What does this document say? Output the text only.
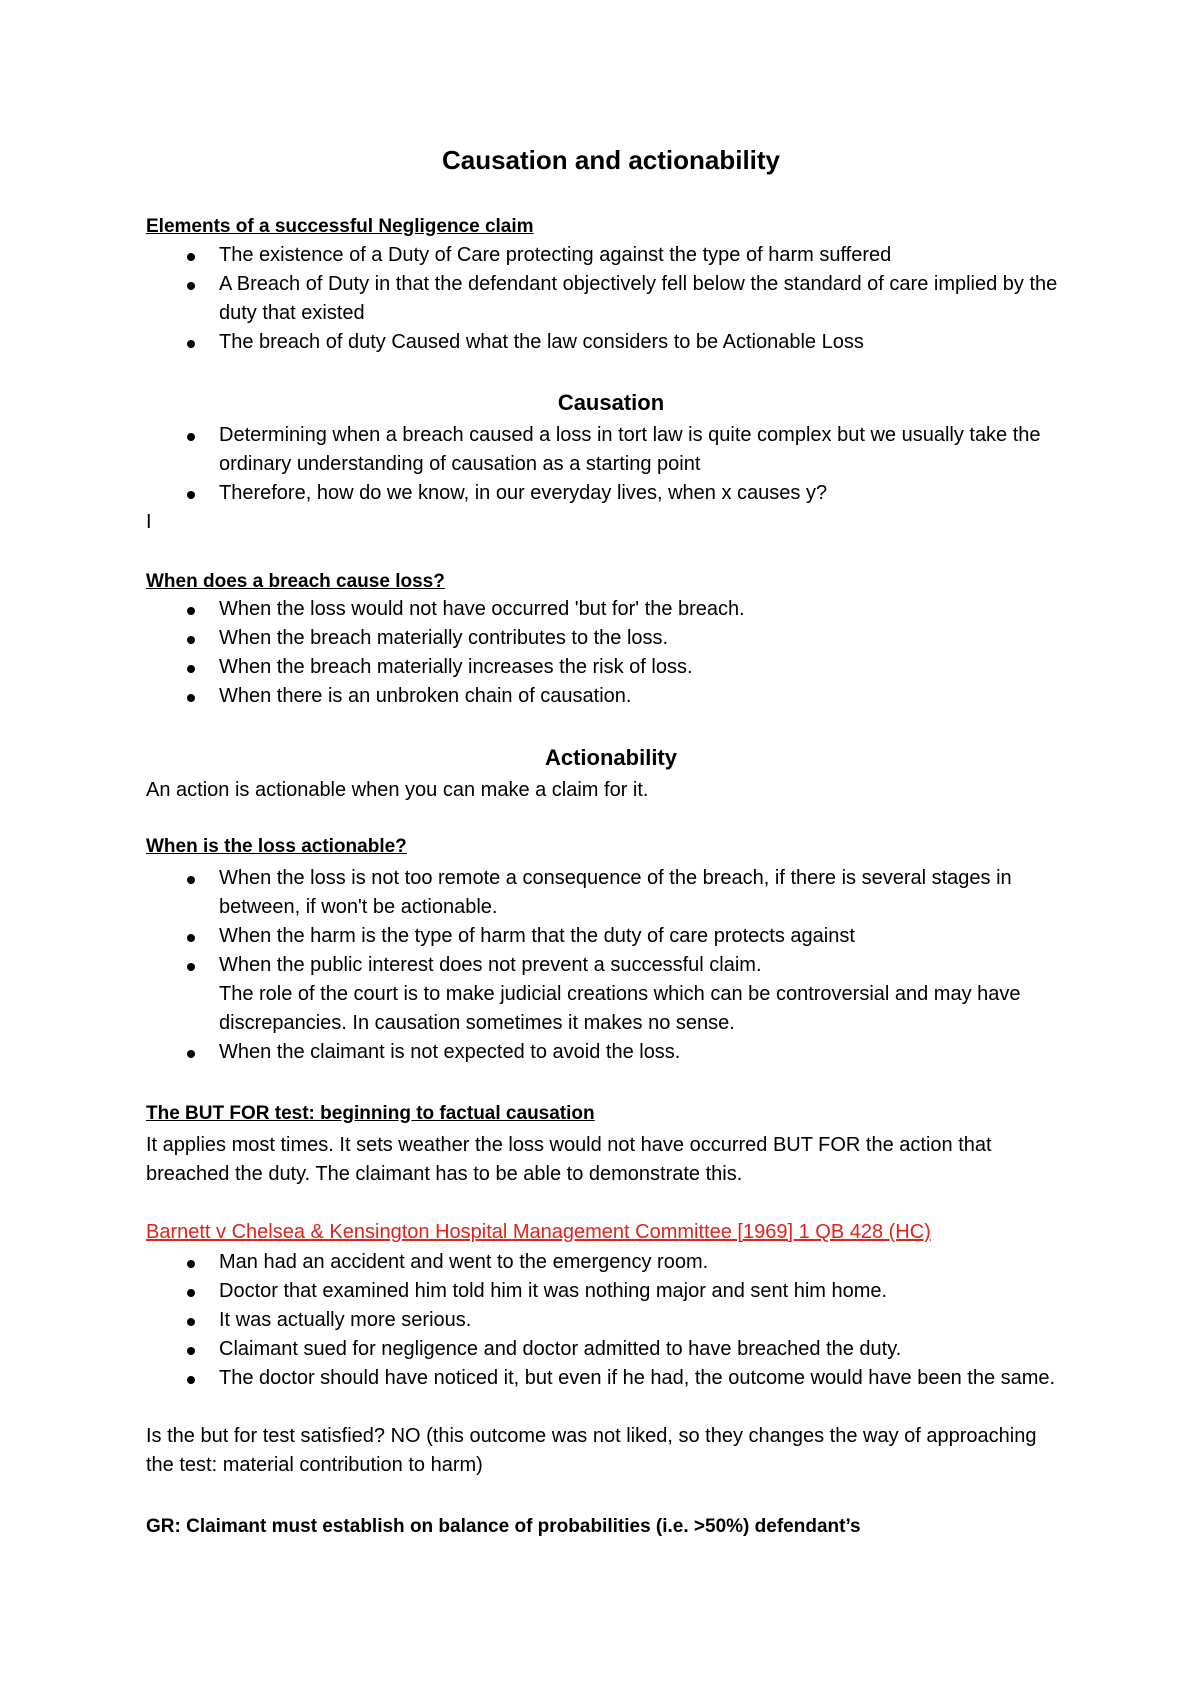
Causation and actionability
Elements of a successful Negligence claim
The existence of a Duty of Care protecting against the type of harm suffered
A Breach of Duty in that the defendant objectively fell below the standard of care implied by the duty that existed
The breach of duty Caused what the law considers to be Actionable Loss
Causation
Determining when a breach caused a loss in tort law is quite complex but we usually take the ordinary understanding of causation as a starting point
Therefore, how do we know, in our everyday lives, when x causes y?
I
When does a breach cause loss?
When the loss would not have occurred 'but for' the breach.
When the breach materially contributes to the loss.
When the breach materially increases the risk of loss.
When there is an unbroken chain of causation.
Actionability
An action is actionable when you can make a claim for it.
When is the loss actionable?
When the loss is not too remote a consequence of the breach, if there is several stages in between, if won't be actionable.
When the harm is the type of harm that the duty of care protects against
When the public interest does not prevent a successful claim.
The role of the court is to make judicial creations which can be controversial and may have discrepancies. In causation sometimes it makes no sense.
When the claimant is not expected to avoid the loss.
The BUT FOR test: beginning to factual causation
It applies most times. It sets weather the loss would not have occurred BUT FOR the action that breached the duty. The claimant has to be able to demonstrate this.
Barnett v Chelsea & Kensington Hospital Management Committee [1969] 1 QB 428 (HC)
Man had an accident and went to the emergency room.
Doctor that examined him told him it was nothing major and sent him home.
It was actually more serious.
Claimant sued for negligence and doctor admitted to have breached the duty.
The doctor should have noticed it, but even if he had, the outcome would have been the same.
Is the but for test satisfied? NO (this outcome was not liked, so they changes the way of approaching the test: material contribution to harm)
GR: Claimant must establish on balance of probabilities (i.e. >50%) defendant’s
